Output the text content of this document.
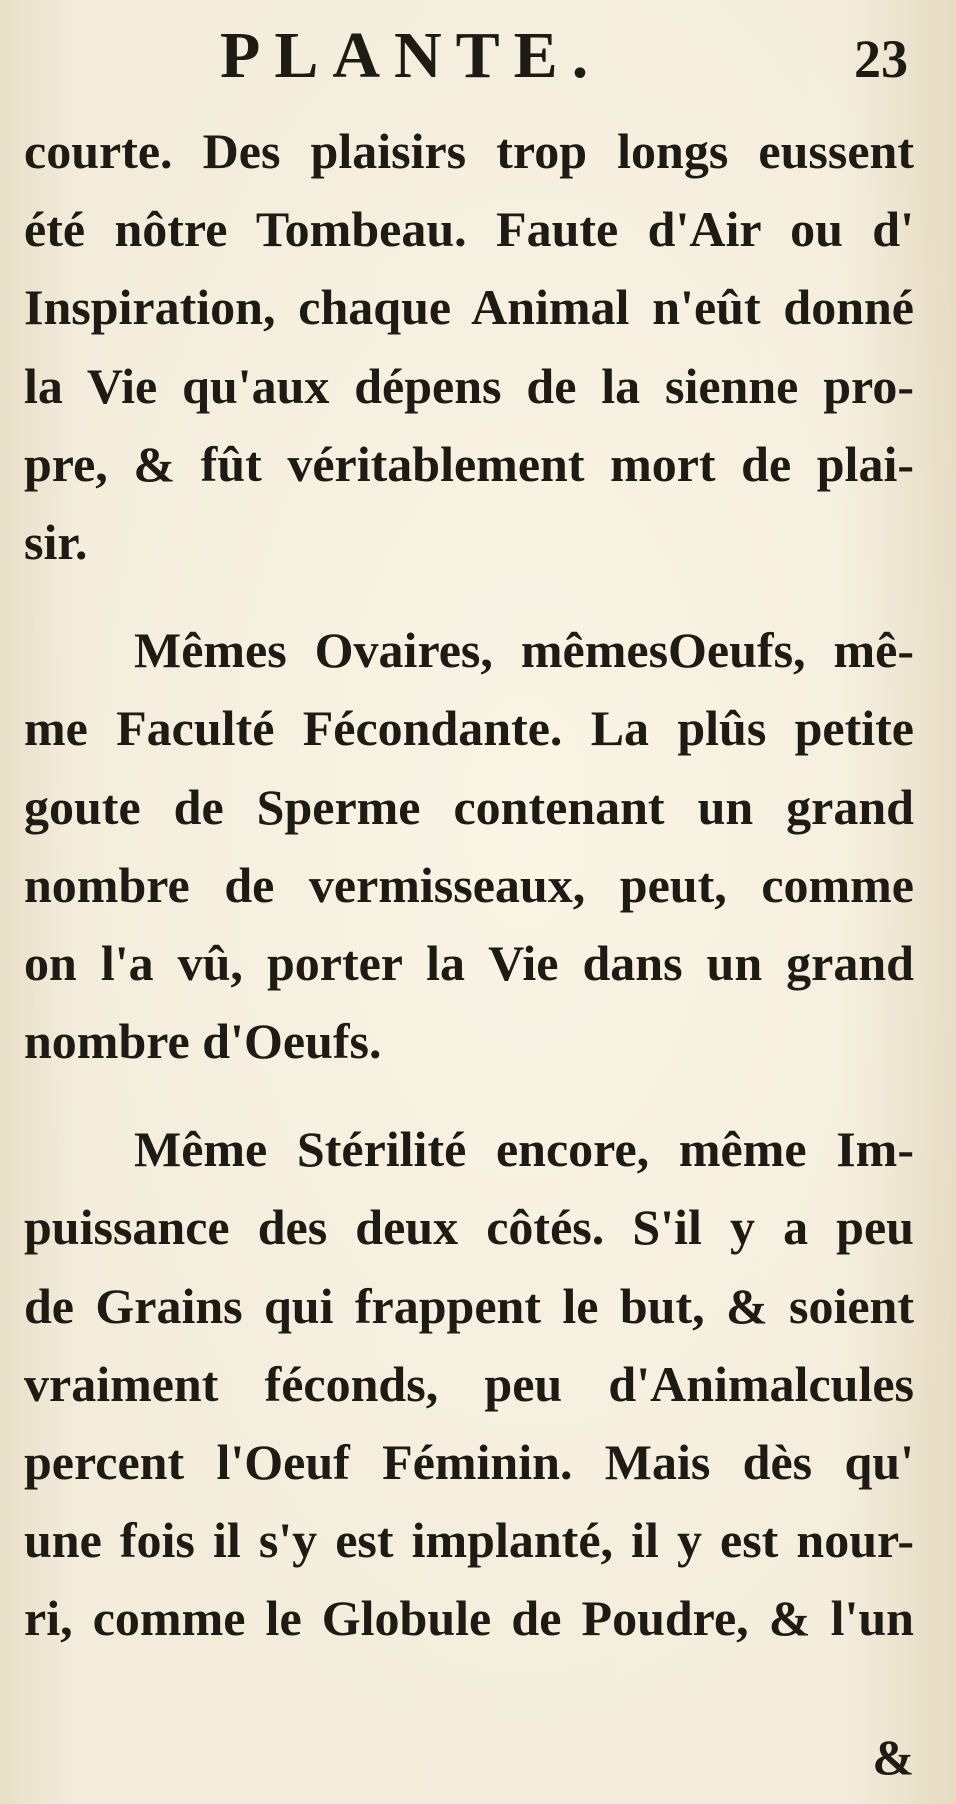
PLANTE.	23
courte. Des plaisirs trop longs eussent
été nôtre Tombeau. Faute d'Air ou d'
Inspiration, chaque Animal n'eût donné
la Vie qu'aux dépens de la sienne pro-
pre, & fût véritablement mort de plai-
sir.
Mêmes Ovaires, mêmesOeufs, mê-
me Faculté Fécondante. La plûs petite
goute de Sperme contenant un grand
nombre de vermisseaux, peut, comme
on l'a vû, porter la Vie dans un grand
nombre d'Oeufs.
Même Stérilité encore, même Im-
puissance des deux côtés. S'il y a peu
de Grains qui frappent le but, & soient
vraiment féconds, peu d'Animalcules
percent l'Oeuf Féminin. Mais dès qu'
une fois il s'y est implanté, il y est nour-
ri, comme le Globule de Poudre, & l'un
&
